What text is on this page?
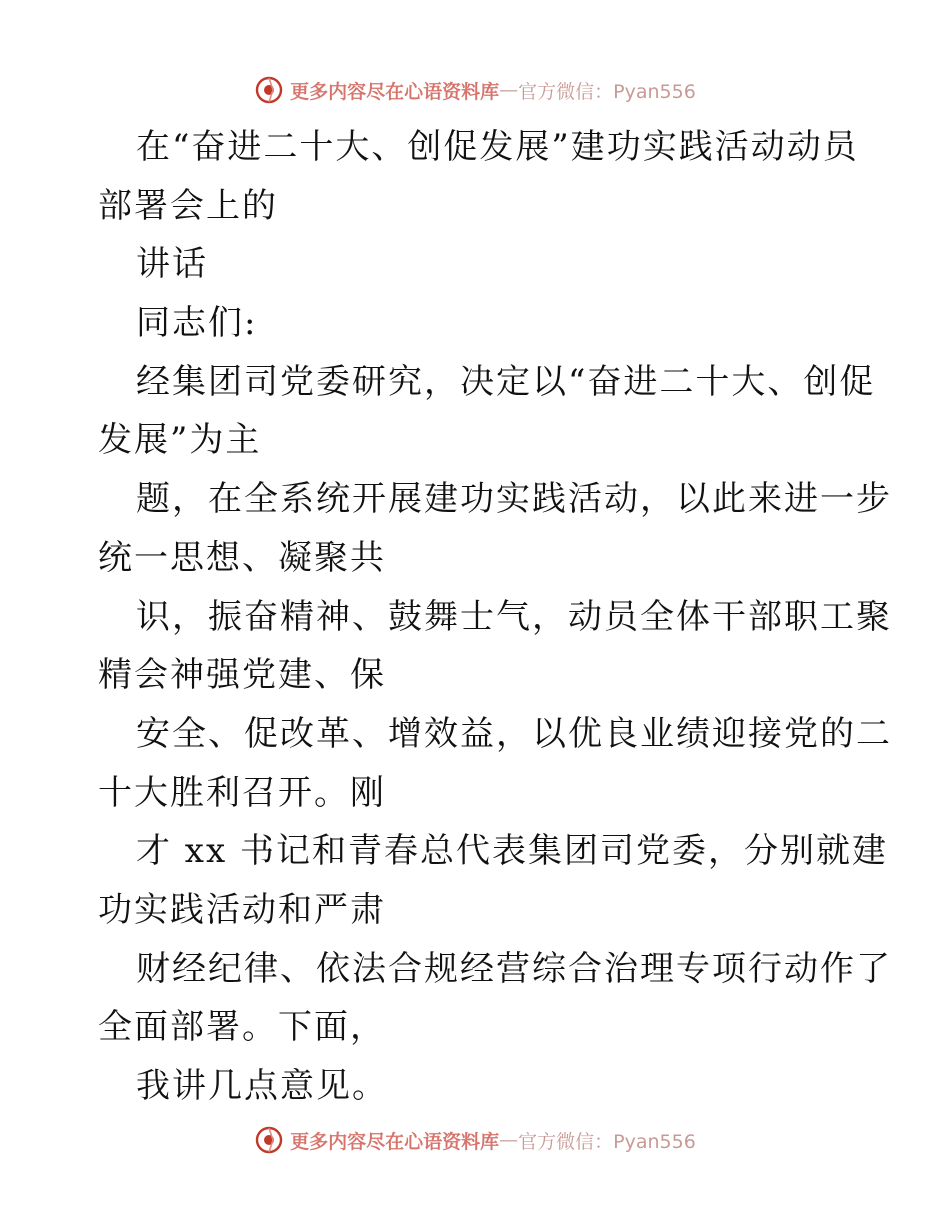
更多内容尽在心语资料库 — 官方微信：Pyan556
在“奋进二十大、创促发展”建功实践活动动员
部署会上的
讲话
同志们:
经集团司党委研究，决定以“奋进二十大、创促
发展”为主
题，在全系统开展建功实践活动，以此来进一步
统一思想、凝聚共
识，振奋精神、鼓舞士气，动员全体干部职工聚
精会神强党建、保
安全、促改革、增效益，以优良业绩迎接党的二
十大胜利召开。刚
才 xx 书记和青春总代表集团司党委，分别就建
功实践活动和严肃
财经纪律、依法合规经营综合治理专项行动作了
全面部署。下面，
我讲几点意见。
更多内容尽在心语资料库 — 官方微信：Pyan556
